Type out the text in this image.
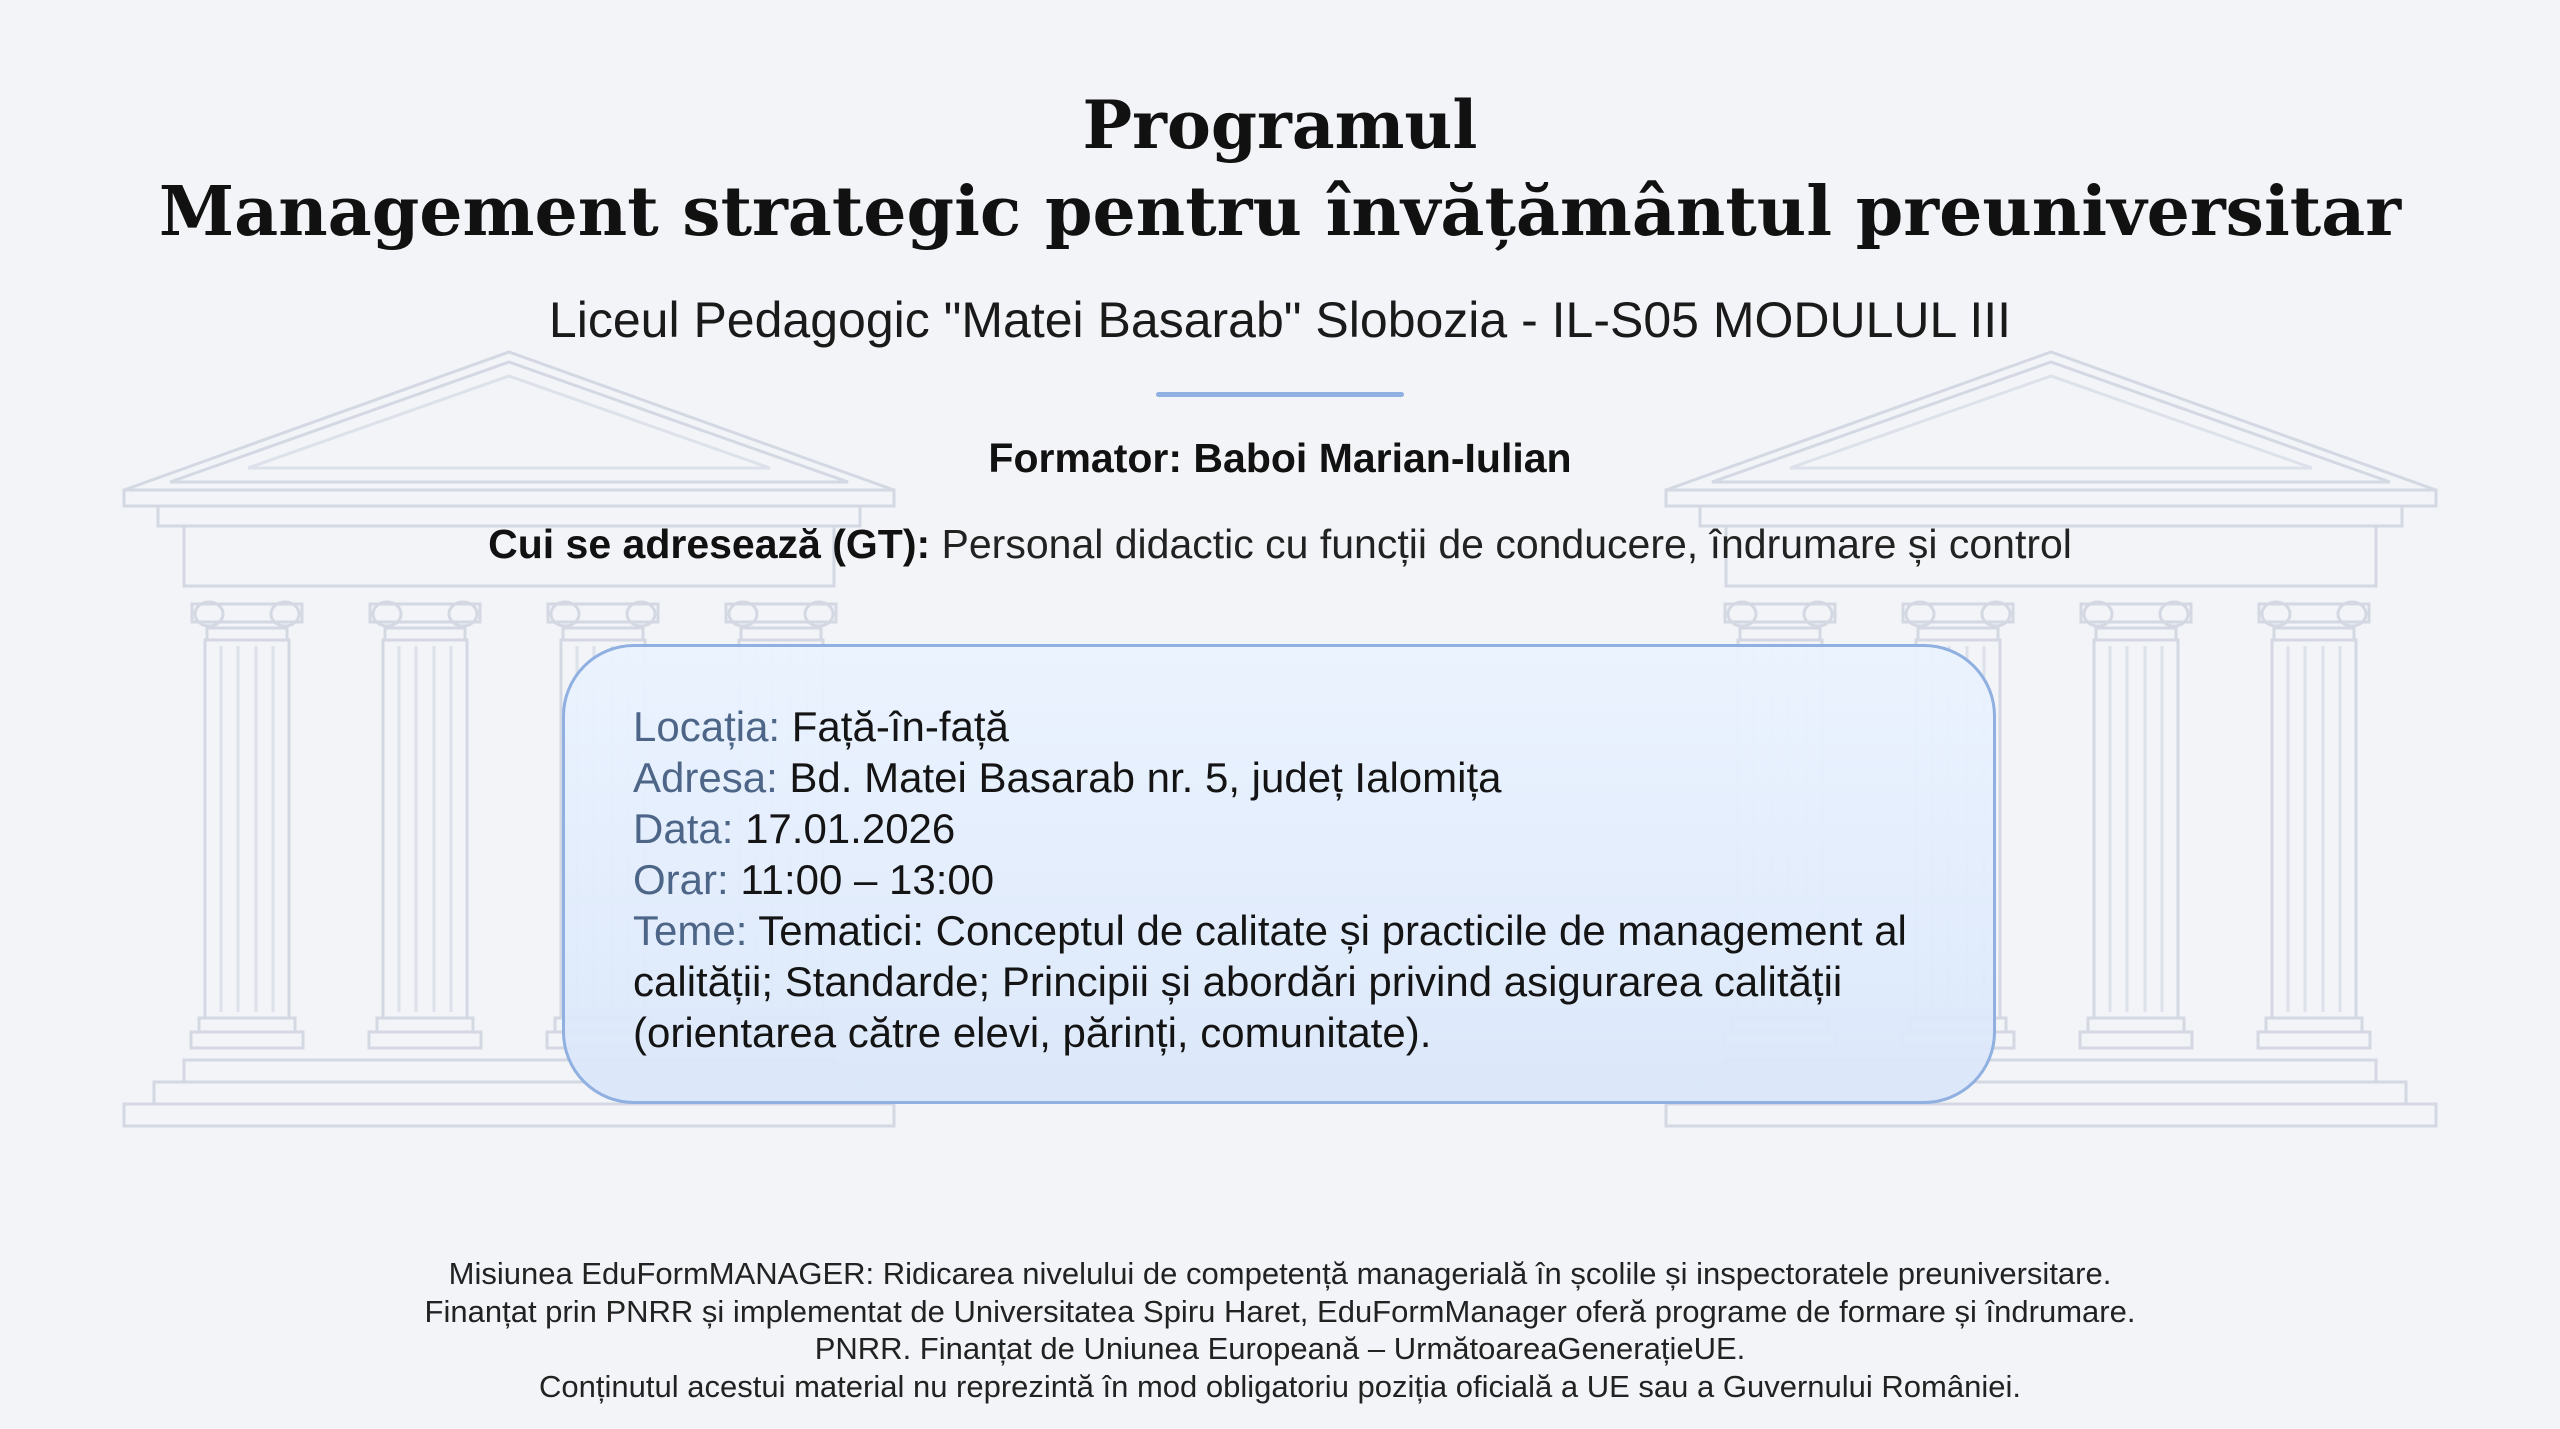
Programul
Management strategic pentru învățământul preuniversitar
Liceul Pedagogic "Matei Basarab" Slobozia - IL-S05 MODULUL III
Formator: Baboi Marian-Iulian
Cui se adresează (GT): Personal didactic cu funcții de conducere, îndrumare și control
Locația: Față-în-față
Adresa: Bd. Matei Basarab nr. 5, județ Ialomița
Data: 17.01.2026
Orar: 11:00 – 13:00
Teme: Tematici: Conceptul de calitate și practicile de management al
calității; Standarde; Principii și abordări privind asigurarea calității
(orientarea către elevi, părinți, comunitate).
Misiunea EduFormMANAGER: Ridicarea nivelului de competență managerială în școlile și inspectoratele preuniversitare.
Finanțat prin PNRR și implementat de Universitatea Spiru Haret, EduFormManager oferă programe de formare și îndrumare.
PNRR. Finanțat de Uniunea Europeană – UrmătoareaGenerațieUE.
Conținutul acestui material nu reprezintă în mod obligatoriu poziția oficială a UE sau a Guvernului României.
